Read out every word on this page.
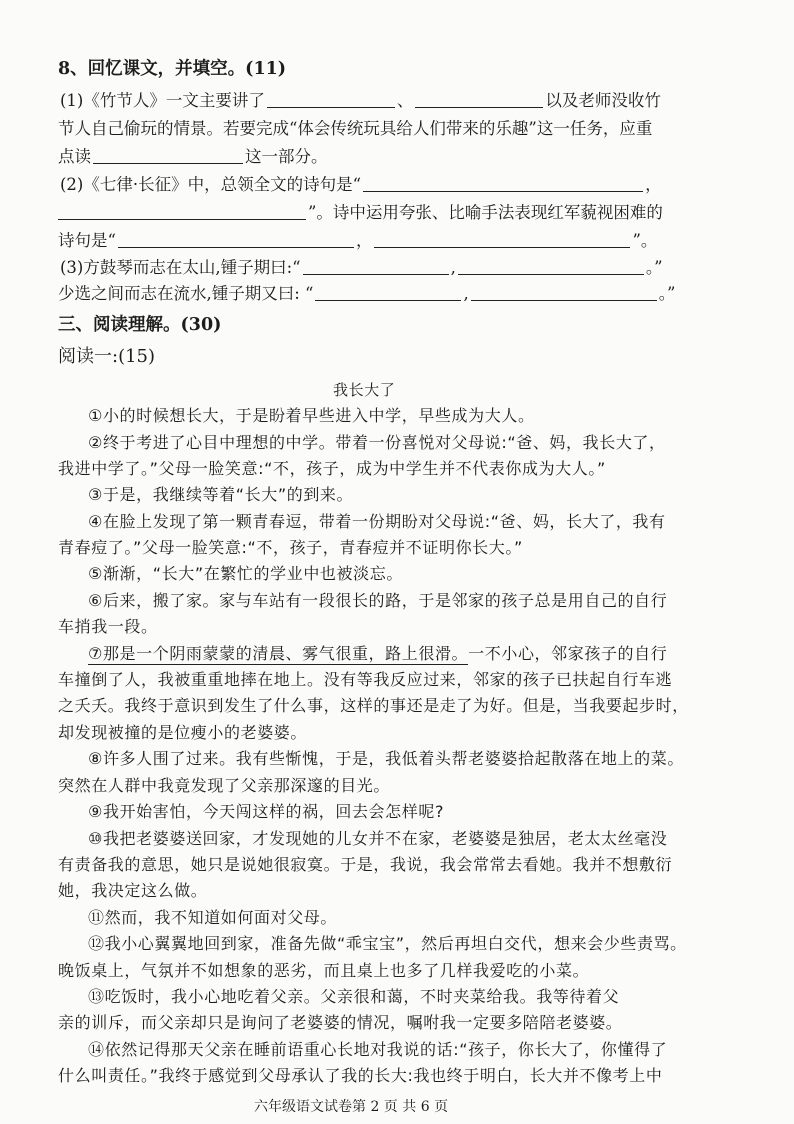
8、回忆课文，并填空。(11)
(1)《竹节人》一文主要讲了	、	以及老师没收竹
节人自己偷玩的情景。若要完成“体会传统玩具给人们带来的乐趣”这一任务，应重
点读	这一部分。
(2)《七律·长征》中，总领全文的诗句是“	，
”。诗中运用夸张、比喻手法表现红军藐视困难的
诗句是“	，	”。
(3)方鼓琴而志在太山,锺子期曰:“	,	。”
少选之间而志在流水,锺子期又曰: “	,	。”
三、阅读理解。(30)
阅读一:(15)
我长大了
①小的时候想长大，于是盼着早些进入中学，早些成为大人。
②终于考进了心目中理想的中学。带着一份喜悦对父母说:“爸、妈，我长大了，
我进中学了。”父母一脸笑意:“不，孩子，成为中学生并不代表你成为大人。”
③于是，我继续等着“长大”的到来。
④在脸上发现了第一颗青春逗，带着一份期盼对父母说:“爸、妈，长大了，我有
青春痘了。”父母一脸笑意:“不，孩子，青春痘并不证明你长大。”
⑤渐渐，“长大”在繁忙的学业中也被淡忘。
⑥后来，搬了家。家与车站有一段很长的路，于是邻家的孩子总是用自己的自行
车捎我一段。
⑦那是一个阴雨蒙蒙的清晨、雾气很重，路上很滑。一不小心，邻家孩子的自行
车撞倒了人，我被重重地摔在地上。没有等我反应过来，邻家的孩子已扶起自行车逃
之夭夭。我终于意识到发生了什么事，这样的事还是走了为好。但是，当我要起步时，
却发现被撞的是位瘦小的老婆婆。
⑧许多人围了过来。我有些惭愧，于是，我低着头帮老婆婆拾起散落在地上的菜。
突然在人群中我竟发现了父亲那深邃的目光。
⑨我开始害怕，今天闯这样的祸，回去会怎样呢?
⑩我把老婆婆送回家，才发现她的儿女并不在家，老婆婆是独居，老太太丝毫没
有责备我的意思，她只是说她很寂寞。于是，我说，我会常常去看她。我并不想敷衍
她，我决定这么做。
⑪然而，我不知道如何面对父母。
⑫我小心翼翼地回到家，准备先做“乖宝宝”，然后再坦白交代，想来会少些责骂。
晚饭桌上，气氛并不如想象的恶劣，而且桌上也多了几样我爱吃的小菜。
⑬吃饭时，我小心地吃着父亲。父亲很和蔼，不时夹菜给我。我等待着父
亲的训斥，而父亲却只是询问了老婆婆的情况，嘱咐我一定要多陪陪老婆婆。
⑭依然记得那天父亲在睡前语重心长地对我说的话:“孩子，你长大了，你懂得了
什么叫责任。”我终于感觉到父母承认了我的长大:我也终于明白，长大并不像考上中
六年级语文试卷第 2 页 共 6 页
